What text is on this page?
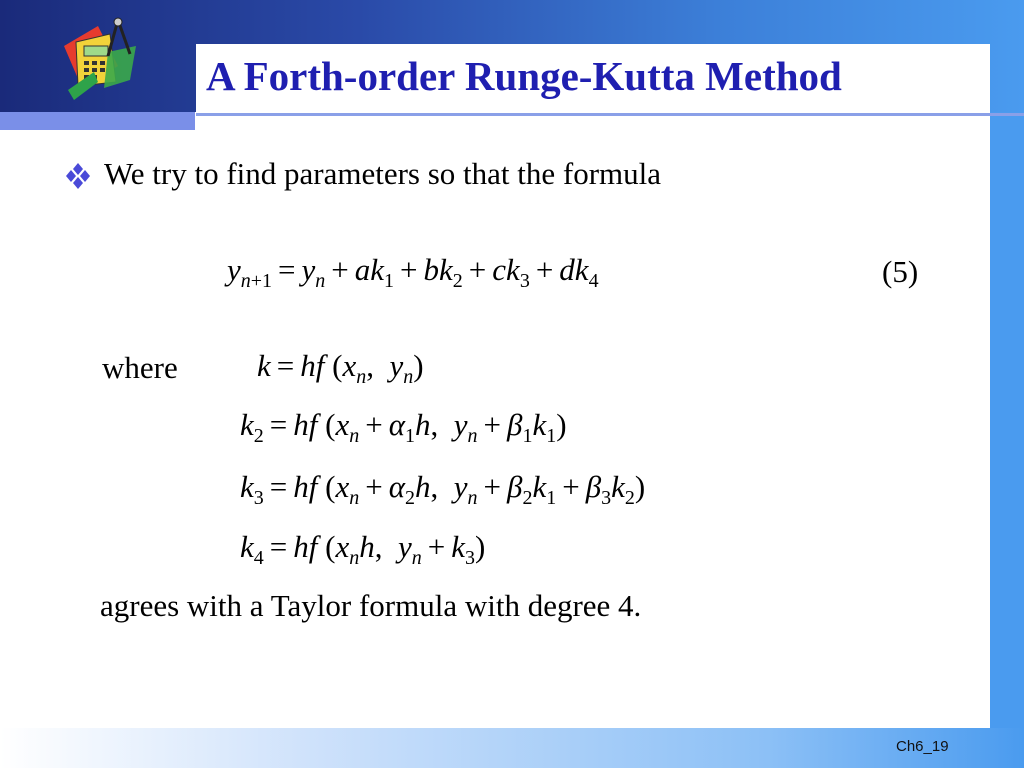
A Forth-order Runge-Kutta Method
We try to find parameters so that the formula
$y_{n+1} = y_n + ak_1 + bk_2 + ck_3 + dk_4$	(5)
where	k = hf ($x_n$,  $y_n$)
$k_2$ = hf ($x_n + \alpha_1h$,  $y_n + \beta_1k_1$)
$k_3$ = hf ($x_n + \alpha_2h$,  $y_n + \beta_2k_1 + \beta_3k_2$)
$k_4$ = hf ($x_nh$,  $y_n + k_3$)
agrees with a Taylor formula with degree 4.
Ch6_19
